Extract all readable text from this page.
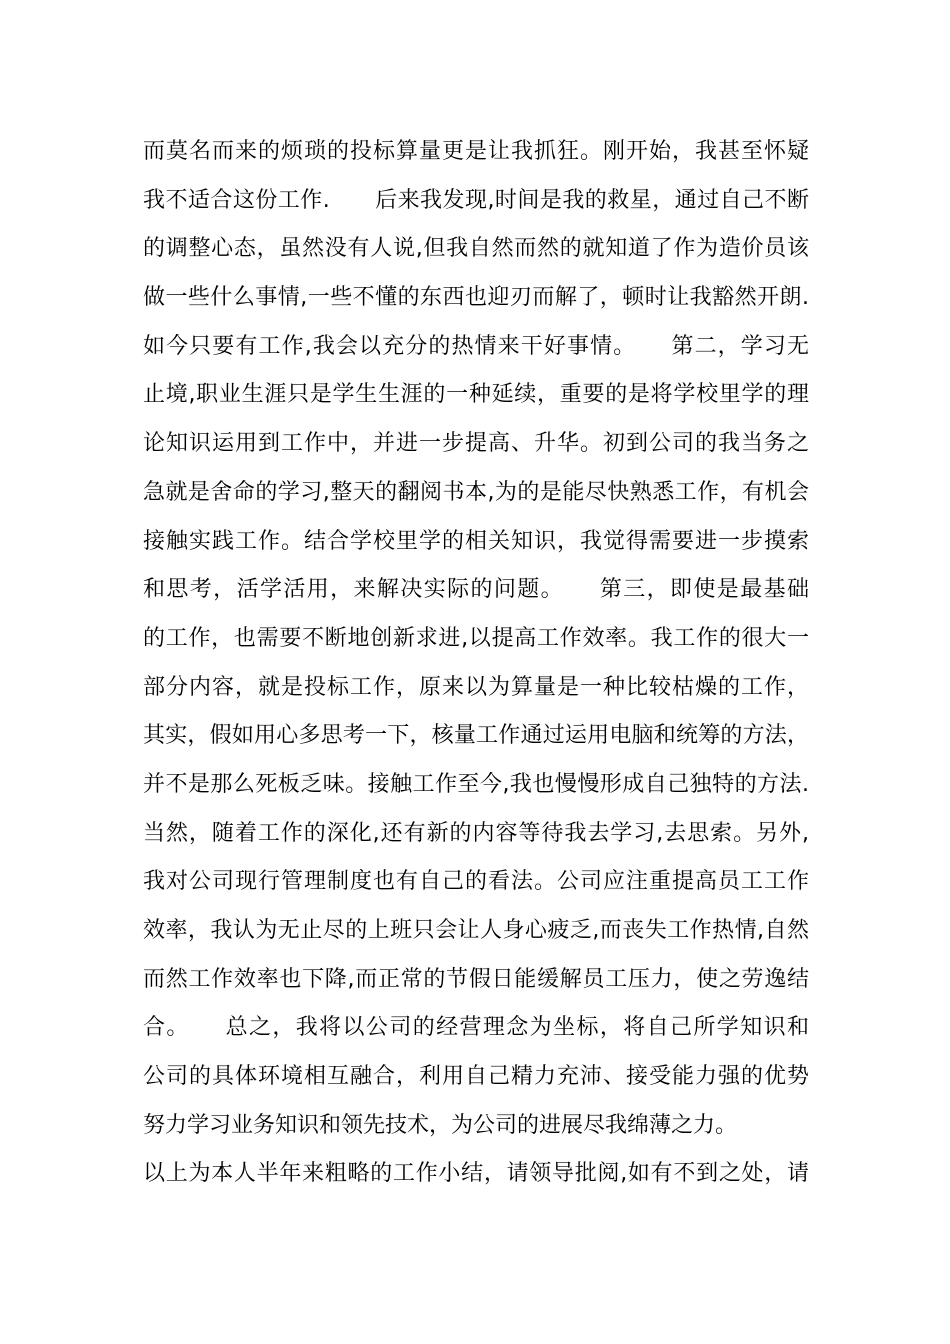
而莫名而来的烦琐的投标算量更是让我抓狂。刚开始，我甚至怀疑
我不适合这份工作.　　后来我发现,时间是我的救星，通过自己不断
的调整心态，虽然没有人说,但我自然而然的就知道了作为造价员该
做一些什么事情,一些不懂的东西也迎刃而解了，顿时让我豁然开朗.
如今只要有工作,我会以充分的热情来干好事情。　　第二，学习无
止境,职业生涯只是学生生涯的一种延续，重要的是将学校里学的理
论知识运用到工作中，并进一步提高、升华。初到公司的我当务之
急就是舍命的学习,整天的翻阅书本,为的是能尽快熟悉工作，有机会
接触实践工作。结合学校里学的相关知识，我觉得需要进一步摸索
和思考，活学活用，来解决实际的问题。　　第三，即使是最基础
的工作，也需要不断地创新求进,以提高工作效率。我工作的很大一
部分内容，就是投标工作，原来以为算量是一种比较枯燥的工作，
其实，假如用心多思考一下，核量工作通过运用电脑和统筹的方法，
并不是那么死板乏味。接触工作至今,我也慢慢形成自己独特的方法.
当然，随着工作的深化,还有新的内容等待我去学习,去思索。另外,
我对公司现行管理制度也有自己的看法。公司应注重提高员工工作
效率，我认为无止尽的上班只会让人身心疲乏,而丧失工作热情,自然
而然工作效率也下降,而正常的节假日能缓解员工压力，使之劳逸结
合。　　总之，我将以公司的经营理念为坐标，将自己所学知识和
公司的具体环境相互融合，利用自己精力充沛、接受能力强的优势
努力学习业务知识和领先技术，为公司的进展尽我绵薄之力。
以上为本人半年来粗略的工作小结，请领导批阅,如有不到之处，请
